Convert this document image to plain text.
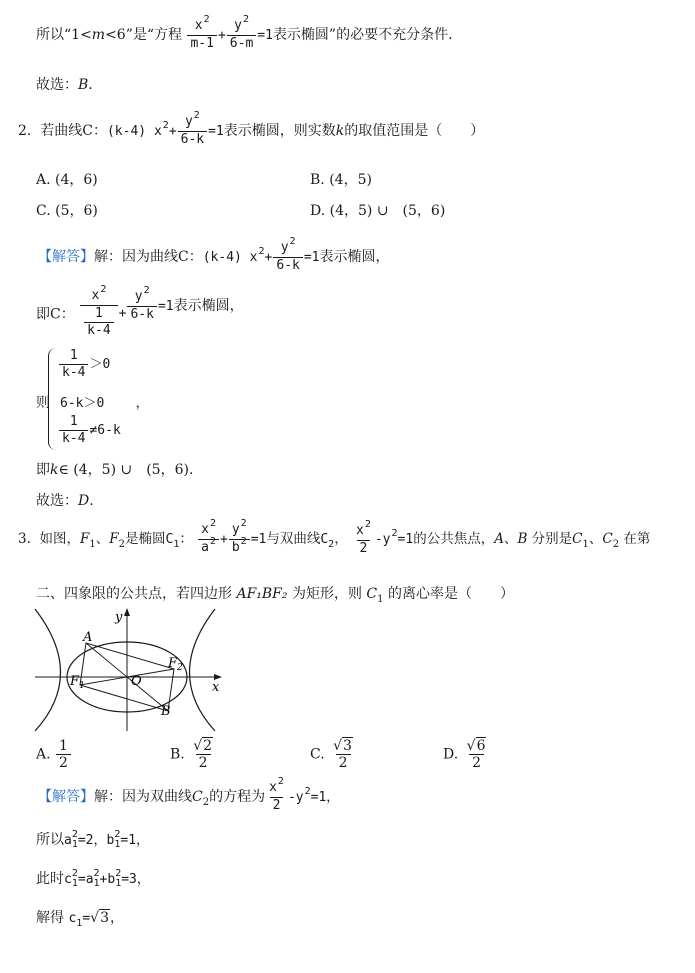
所以“1<m<6”是“方程 $\frac{x^2}{m-1} + \frac{y^2}{6-m} =1$表示椭圆”的必要不充分条件.
故选：B.
2. 若曲线C：(k-4) $x^2+ \frac{y^2}{6-k} =1$表示椭圆，则实数k的取值范围是（　　）
A. (4，6)	B. (4，5)
C. (5，6)	D. (4，5) ∪　(5，6)
【解答】解：因为曲线C：(k-4) $x^2+ \frac{y^2}{6-k} =1$表示椭圆，
即C： $\frac{x^2}{\frac{1}{k-4}} + \frac{y^2}{6-k} =1$表示椭圆，
则
$\frac{1}{k-4} >0$
6-k＞0 ，
$\frac{1}{k-4} \ne 6-k$
即k∈ (4，5) ∪　(5，6).
故选：D.
3. 如图，$F_1$、$F_2$是椭圆$C_1$： $\frac{x^2}{a^2} + \frac{y^2}{b^2} =1$与双曲线$C_2$， $\frac{x^2}{2} -y^2=1$的公共焦点，A、B 分别是$C_1$、$C_2$ 在第
二、四象限的公共点，若四边形 AF₁BF₂ 为矩形，则 $C_1$ 的离心率是（　　）
y
x
O
A
B
$F_1$
$F_2$
A. $\frac{1}{2}$	B. $\frac{√2}{2}$	C. $\frac{√3}{2}$	D. $\frac{√6}{2}$
【解答】解：因为双曲线$C_2$的方程为 $\frac{x^2}{2} -y^2=1$，
所以a 2
1 =2，b 2
1 =1，
此时c 2
1 =a 2
1 +b 2
1 =3，
解得 $c_1=√3$，
